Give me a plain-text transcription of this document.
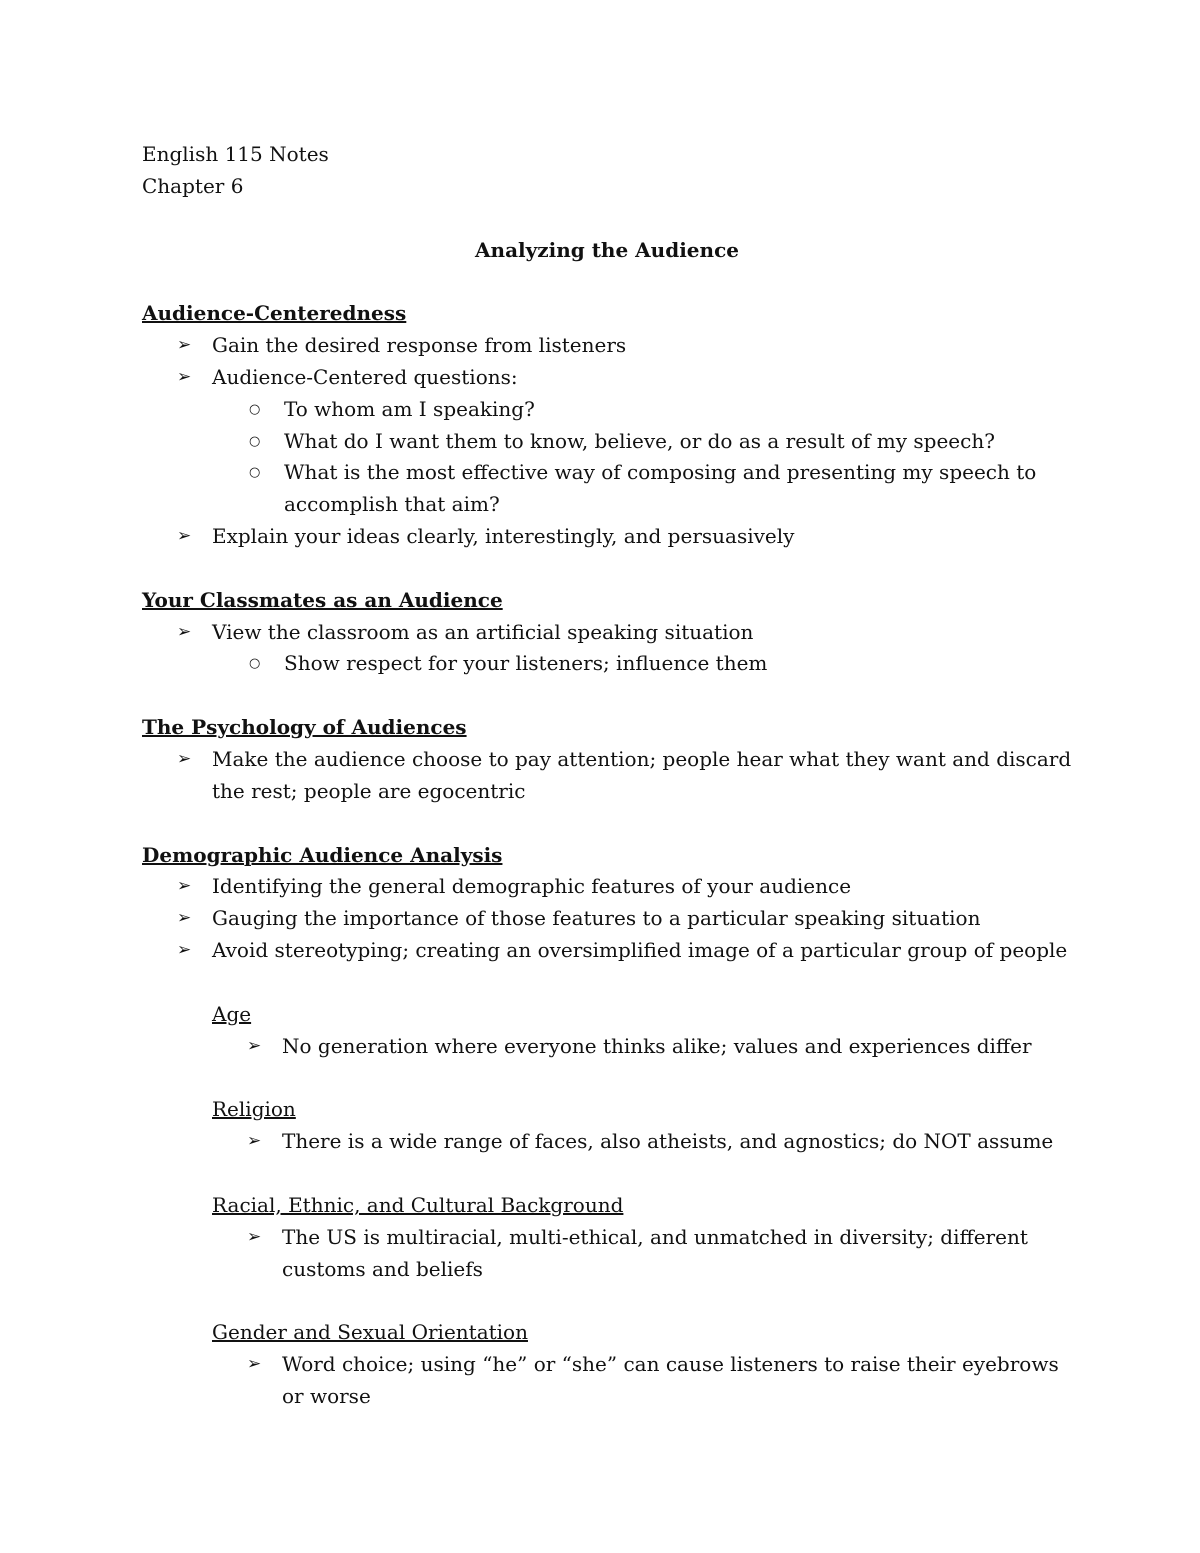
English 115 Notes

Chapter 6

Analyzing the Audience

Audience-Centeredness

➢	Gain the desired response from listeners
➢	Audience-Centered questions:
○	To whom am I speaking?
○	What do I want them to know, believe, or do as a result of my speech?
○	What is the most effective way of composing and presenting my speech to accomplish that aim?
➢	Explain your ideas clearly, interestingly, and persuasively

Your Classmates as an Audience

➢	View the classroom as an artificial speaking situation
○	Show respect for your listeners; influence them

The Psychology of Audiences

➢	Make the audience choose to pay attention; people hear what they want and discard the rest; people are egocentric

Demographic Audience Analysis

➢	Identifying the general demographic features of your audience
➢	Gauging the importance of those features to a particular speaking situation
➢	Avoid stereotyping; creating an oversimplified image of a particular group of people

Age

➢	No generation where everyone thinks alike; values and experiences differ

Religion

➢	There is a wide range of faces, also atheists, and agnostics; do NOT assume

Racial, Ethnic, and Cultural Background

➢	The US is multiracial, multi-ethical, and unmatched in diversity; different customs and beliefs

Gender and Sexual Orientation

➢	Word choice; using “he” or “she” can cause listeners to raise their eyebrows or worse
